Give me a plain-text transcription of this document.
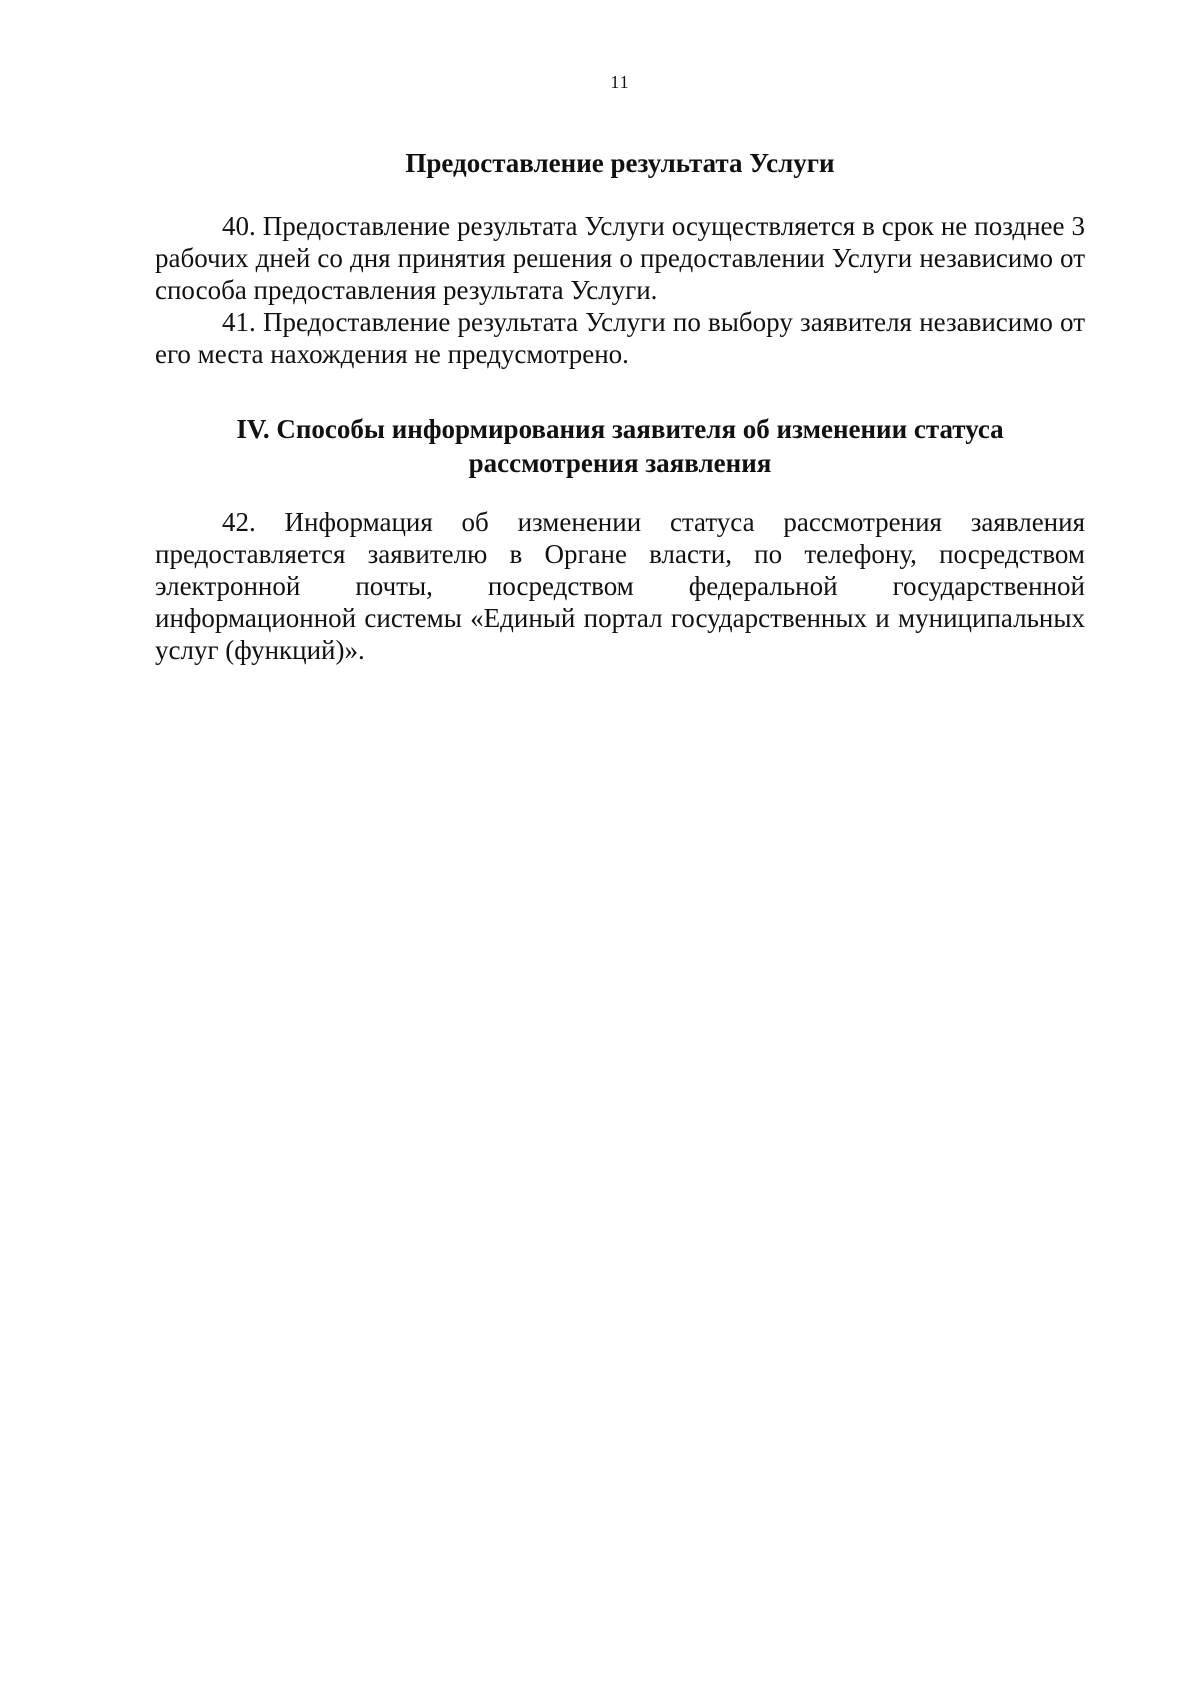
11

Предоставление результата Услуги

40. Предоставление результата Услуги осуществляется в срок не позднее 3 рабочих дней со дня принятия решения о предоставлении Услуги независимо от способа предоставления результата Услуги.

41. Предоставление результата Услуги по выбору заявителя независимо от его места нахождения не предусмотрено.

IV. Способы информирования заявителя об изменении статуса

рассмотрения заявления

42. Информация об изменении статуса рассмотрения заявления предоставляется заявителю в Органе власти, по телефону, посредством электронной почты, посредством федеральной государственной информационной системы «Единый портал государственных и муниципальных услуг (функций)».
